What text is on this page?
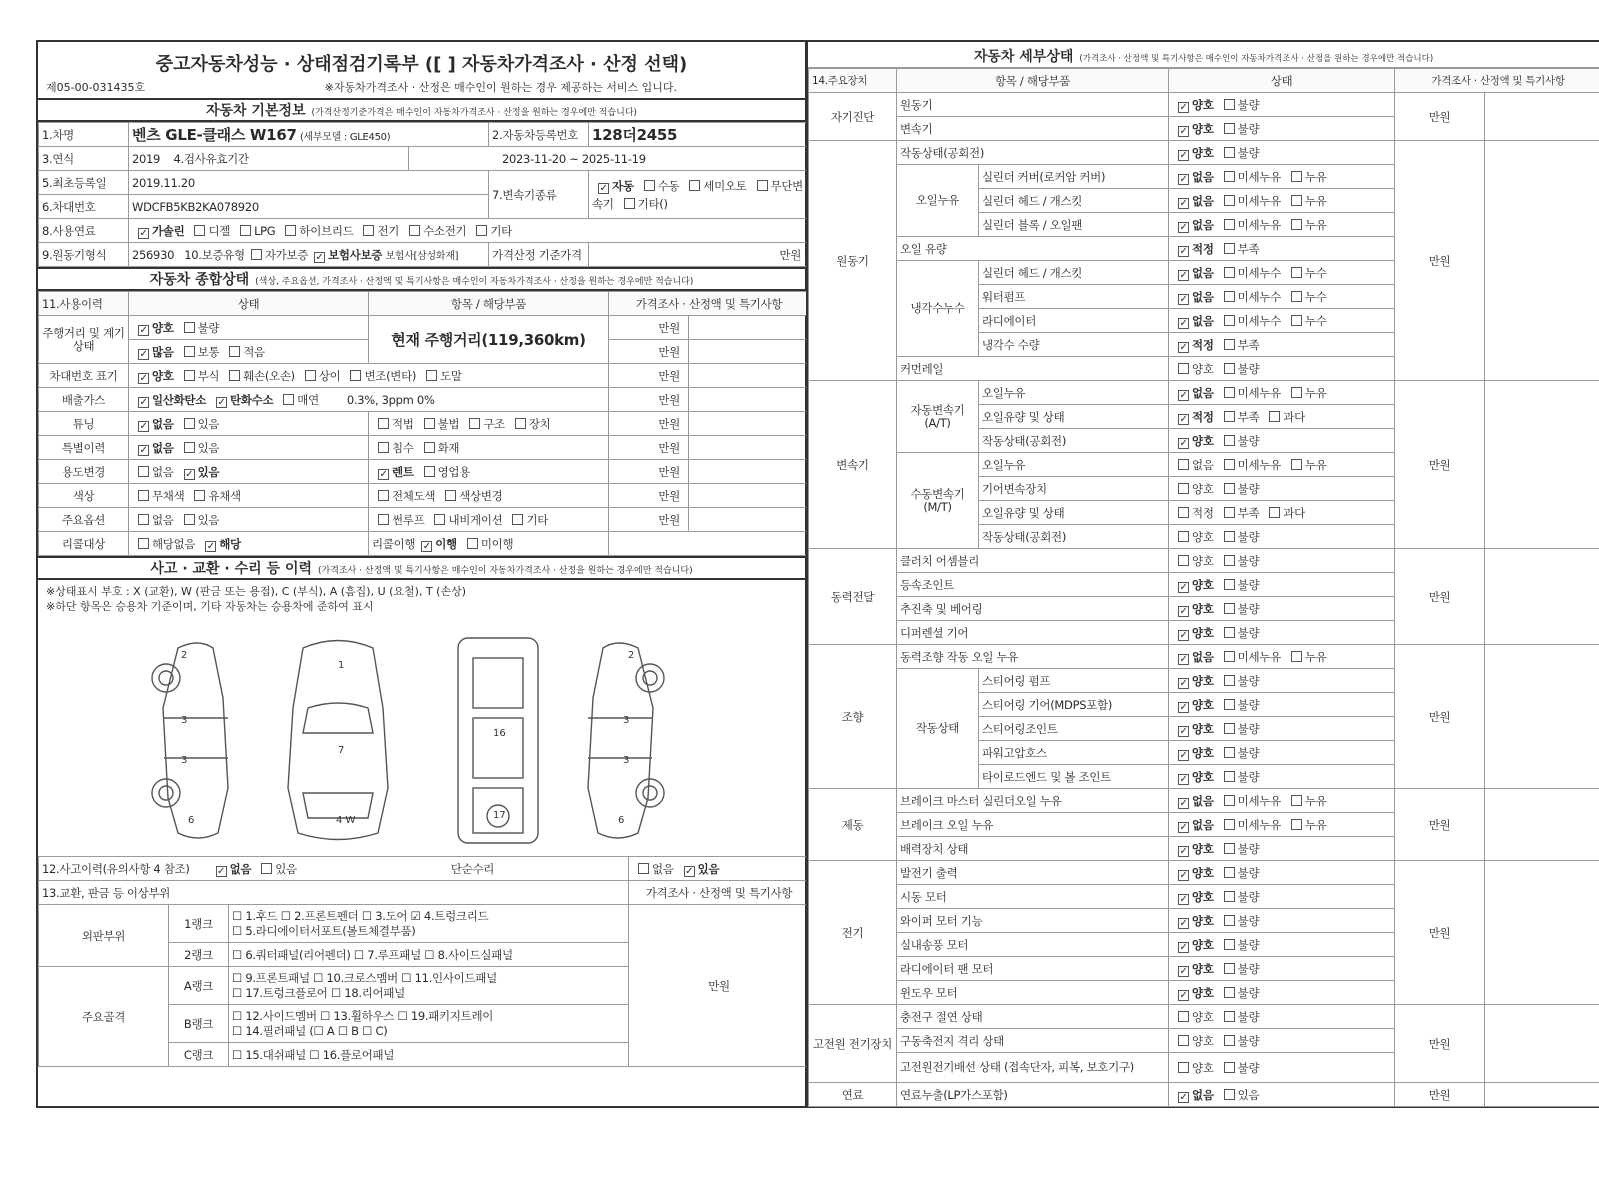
중고자동차성능 · 상태점검기록부 ([ ] 자동차가격조사 · 산정 선택)
제05-00-031435호	※자동차가격조사 · 산정은 매수인이 원하는 경우 제공하는 서비스 입니다.
자동차 기본정보 (가격산정기준가격은 매수인이 자동차가격조사 · 산정을 원하는 경우에만 적습니다)
1.차명	벤츠 GLE-클래스 W167 (세부모델 : GLE450)		2.자동차등록번호	128더2455
3.연식	2019 4.검사유효기간	2023-11-20 ~ 2025-11-19		
5.최초등록일	2019.11.20		7.변속기종류	✓자동 수동 세미오토 무단변속기 기타()
6.차대번호	WDCFB5KB2KA078920			
8.사용연료	✓가솔린 디젤 LPG 하이브리드 전기 수소전기 기타
9.원동기형식	256930 10.보증유형 자가보증 ✓ 보험사보증 보험사[삼성화재]		가격산정 기준가격	만원
자동차 종합상태 (색상, 주요옵션, 가격조사 · 산정액 및 특기사항은 매수인이 자동차가격조사 · 산정을 원하는 경우에만 적습니다)
11.사용이력	상태	항목 / 해당부품	가격조사 · 산정액 및 특기사항	
주행거리 및 계기상태	✓양호 불량	현재 주행거리(119,360km)	만원	
✓많음 보통 적음		만원	
차대번호 표기	✓양호 부식 훼손(오손) 상이 변조(변타) 도말		만원	
배출가스	✓일산화탄소 ✓ 탄화수소 매연 0.3%, 3ppm 0%		만원	
튜닝	✓없음 있음	적법 불법 구조 장치	만원	
특별이력	✓없음 있음	침수 화재	만원	
용도변경	없음 ✓ 있음	✓렌트 영업용	만원	
색상	무채색 유채색	전체도색 색상변경	만원	
주요옵션	없음 있음	썬루프 내비게이션 기타	만원	
리콜대상	해당없음 ✓ 해당	리콜이행 ✓ 이행 미이행	
사고 · 교환 · 수리 등 이력 (가격조사 · 산정액 및 특기사항은 매수인이 자동차가격조사 · 산정을 원하는 경우에만 적습니다)
※상태표시 부호 : X (교환), W (판금 또는 용접), C (부식), A (흠집), U (요철), T (손상)
※하단 항목은 승용차 기준이며, 기타 자동차는 승용차에 준하여 표시
2
3
3
6
1
7
4 W
16
17
2
3
3
6
12.사고이력(유의사항 4 참조) ✓ 없음 있음 단순수리			없음 ✓ 있음
13.교환, 판금 등 이상부위			가격조사 · 산정액 및 특기사항
외판부위	1랭크	☐ 1.후드 ☐ 2.프론트펜더 ☐ 3.도어 ☑ 4.트렁크리드
☐ 5.라디에이터서포트(볼트체결부품)	만원
	2랭크	☐ 6.쿼터패널(리어펜더) ☐ 7.루프패널 ☐ 8.사이드실패널	
주요골격	A랭크	☐ 9.프론트패널 ☐ 10.크로스멤버 ☐ 11.인사이드패널
☐ 17.트렁크플로어 ☐ 18.리어패널	

	B랭크	☐ 12.사이드멤버 ☐ 13.휠하우스 ☐ 19.패키지트레이
☐ 14.필러패널 (☐ A ☐ B ☐ C)	

	C랭크	☐ 15.대쉬패널 ☐ 16.플로어패널	
자동차 세부상태 (가격조사 · 산정액 및 특기사항은 매수인이 자동차가격조사 · 산정을 원하는 경우에만 적습니다)
14.주요장치	항목 / 해당부품		상태	가격조사 · 산정액 및 특기사항	
자기진단	원동기	✓양호 불량	만원	
	변속기	✓양호 불량
원동기	작동상태(공회전)	✓양호 불량	만원	
	오일누유	실린더 커버(로커암 커버)	✓없음 미세누유 누유
		실린더 헤드 / 개스킷	✓없음 미세누유 누유
		실린더 블록 / 오일팬	✓없음 미세누유 누유
	오일 유량	✓적정 부족
	냉각수누수	실린더 헤드 / 개스킷	✓없음 미세누수 누수
		워터펌프	✓없음 미세누수 누수
		라디에이터	✓없음 미세누수 누수
		냉각수 수량	✓적정 부족
	커먼레일		양호 불량		
변속기	자동변속기 (A/T)	오일누유	✓없음 미세누유 누유	만원	
		오일유량 및 상태	✓적정 부족 과다
		작동상태(공회전)	✓양호 불량
	수동변속기 (M/T)	오일누유	없음 미세누유 누유		
		기어변속장치	양호 불량		
		오일유량 및 상태	적정 부족 과다		
		작동상태(공회전)	양호 불량		
동력전달	클러치 어셈블리		양호 불량	만원	
	등속조인트	✓양호 불량
	추진축 및 베어링	✓양호 불량
	디퍼렌셜 기어	✓양호 불량
조향	동력조향 작동 오일 누유	✓없음 미세누유 누유	만원	
	작동상태	스티어링 펌프	✓양호 불량
		스티어링 기어(MDPS포함)	✓양호 불량
		스티어링조인트	✓양호 불량
		파워고압호스	✓양호 불량
		타이로드엔드 및 볼 조인트	✓양호 불량
제동	브레이크 마스터 실린더오일 누유	✓없음 미세누유 누유	만원	
	브레이크 오일 누유	✓없음 미세누유 누유
	배력장치 상태	✓양호 불량
전기	발전기 출력	✓양호 불량	만원	
	시동 모터	✓양호 불량
	와이퍼 모터 기능	✓양호 불량
	실내송풍 모터	✓양호 불량
	라디에이터 팬 모터	✓양호 불량
	윈도우 모터	✓양호 불량
고전원 전기장치	충전구 절연 상태		양호 불량	만원	
	구동축전지 격리 상태		양호 불량		
	고전원전기배선 상태 (접속단자, 피복, 보호기구)		양호 불량		
연료	연료누출(LP가스포함)	✓없음 있음	만원	
